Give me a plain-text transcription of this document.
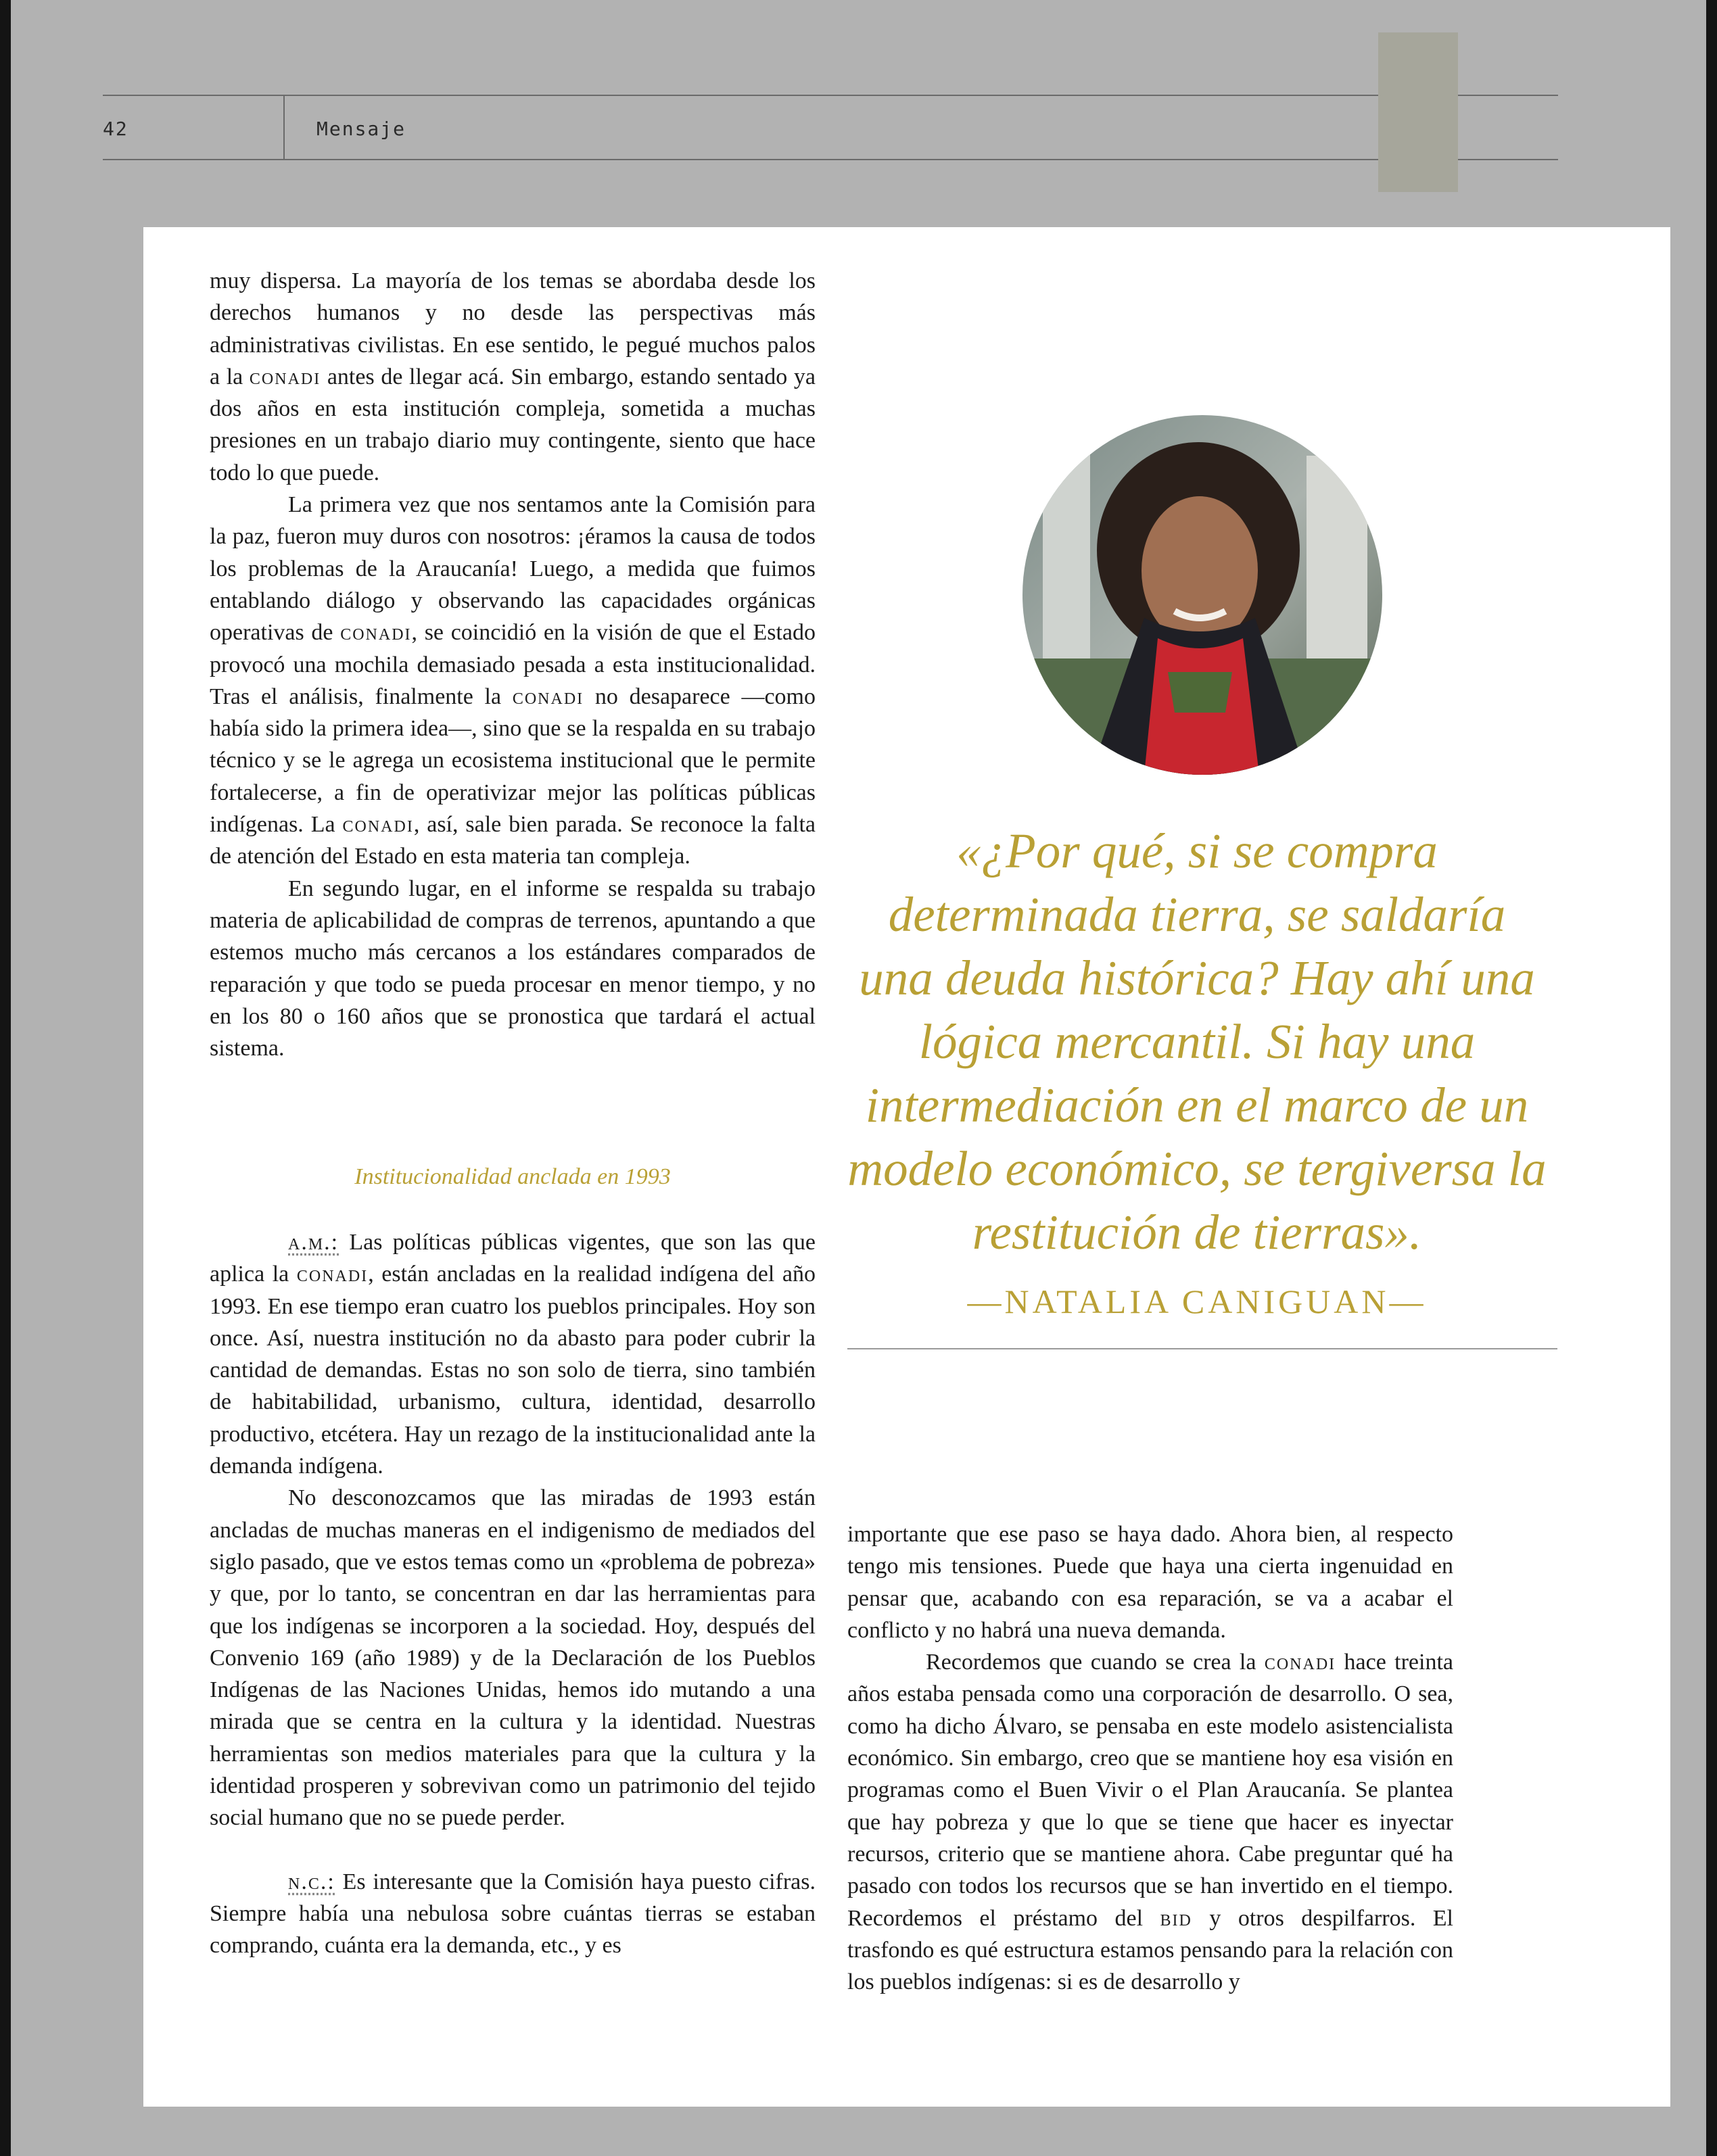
42	Mensaje

muy dispersa. La mayoría de los temas se abordaba desde los derechos humanos y no desde las perspectivas más administrativas civilistas. En ese sentido, le pegué muchos palos a la conadi antes de llegar acá. Sin embargo, estando sentado ya dos años en esta institución compleja, sometida a muchas presiones en un trabajo diario muy contingente, siento que hace todo lo que puede.

La primera vez que nos sentamos ante la Comisión para la paz, fueron muy duros con nosotros: ¡éramos la causa de todos los problemas de la Araucanía! Luego, a medida que fuimos entablando diálogo y observando las capacidades orgánicas operativas de conadi, se coincidió en la visión de que el Estado provocó una mochila demasiado pesada a esta institucionalidad. Tras el análisis, finalmente la conadi no desaparece —como había sido la primera idea—, sino que se la respalda en su trabajo técnico y se le agrega un ecosistema institucional que le permite fortalecerse, a fin de operativizar mejor las políticas públicas indígenas. La conadi, así, sale bien parada. Se reconoce la falta de atención del Estado en esta materia tan compleja.

En segundo lugar, en el informe se respalda su trabajo materia de aplicabilidad de compras de terrenos, apuntando a que estemos mucho más cercanos a los estándares comparados de reparación y que todo se pueda procesar en menor tiempo, y no en los 80 o 160 años que se pronostica que tardará el actual sistema.

Institucionalidad anclada en 1993

a.m.: Las políticas públicas vigentes, que son las que aplica la conadi, están ancladas en la realidad indígena del año 1993. En ese tiempo eran cuatro los pueblos principales. Hoy son once. Así, nuestra institución no da abasto para poder cubrir la cantidad de demandas. Estas no son solo de tierra, sino también de habitabilidad, urbanismo, cultura, identidad, desarrollo productivo, etcétera. Hay un rezago de la institucionalidad ante la demanda indígena.

No desconozcamos que las miradas de 1993 están ancladas de muchas maneras en el indigenismo de mediados del siglo pasado, que ve estos temas como un «problema de pobreza» y que, por lo tanto, se concentran en dar las herramientas para que los indígenas se incorporen a la sociedad. Hoy, después del Convenio 169 (año 1989) y de la Declaración de los Pueblos Indígenas de las Naciones Unidas, hemos ido mutando a una mirada que se centra en la cultura y la identidad. Nuestras herramientas son medios materiales para que la cultura y la identidad prosperen y sobrevivan como un patrimonio del tejido social humano que no se puede perder.

n.c.: Es interesante que la Comisión haya puesto cifras. Siempre había una nebulosa sobre cuántas tierras se estaban comprando, cuánta era la demanda, etc., y es

«¿Por qué, si se compra determinada tierra, se saldaría una deuda histórica? Hay ahí una lógica mercantil. Si hay una intermediación en el marco de un modelo económico, se tergiversa la restitución de tierras».
—NATALIA CANIGUAN—

importante que ese paso se haya dado. Ahora bien, al respecto tengo mis tensiones. Puede que haya una cierta ingenuidad en pensar que, acabando con esa reparación, se va a acabar el conflicto y no habrá una nueva demanda.

Recordemos que cuando se crea la conadi hace treinta años estaba pensada como una corporación de desarrollo. O sea, como ha dicho Álvaro, se pensaba en este modelo asistencialista económico. Sin embargo, creo que se mantiene hoy esa visión en programas como el Buen Vivir o el Plan Araucanía. Se plantea que hay pobreza y que lo que se tiene que hacer es inyectar recursos, criterio que se mantiene ahora. Cabe preguntar qué ha pasado con todos los recursos que se han invertido en el tiempo. Recordemos el préstamo del bid y otros despilfarros. El trasfondo es qué estructura estamos pensando para la relación con los pueblos indígenas: si es de desarrollo y
